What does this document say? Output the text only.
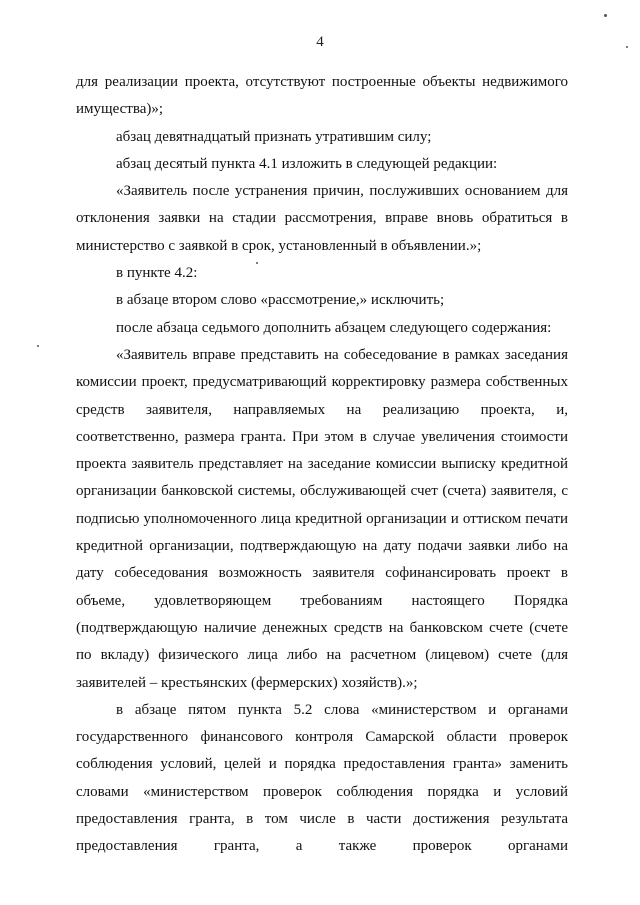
4

для реализации проекта, отсутствуют построенные объекты недвижимого имущества)»;

абзац девятнадцатый признать утратившим силу;

абзац десятый пункта 4.1 изложить в следующей редакции:

«Заявитель после устранения причин, послуживших основанием для отклонения заявки на стадии рассмотрения, вправе вновь обратиться в министерство с заявкой в срок, установленный в объявлении.»;

в пункте 4.2:

в абзаце втором слово «рассмотрение,» исключить;

после абзаца седьмого дополнить абзацем следующего содержания:

«Заявитель вправе представить на собеседование в рамках заседания комиссии проект, предусматривающий корректировку размера собственных средств заявителя, направляемых на реализацию проекта, и, соответственно, размера гранта. При этом в случае увеличения стоимости проекта заявитель представляет на заседание комиссии выписку кредитной организации банковской системы, обслуживающей счет (счета) заявителя, с подписью уполномоченного лица кредитной организации и оттиском печати кредитной организации, подтверждающую на дату подачи заявки либо на дату собеседования возможность заявителя софинансировать проект в объеме, удовлетворяющем требованиям настоящего Порядка (подтверждающую наличие денежных средств на банковском счете (счете по вкладу) физического лица либо на расчетном (лицевом) счете (для заявителей – крестьянских (фермерских) хозяйств).»;

в абзаце пятом пункта 5.2 слова «министерством и органами государственного финансового контроля Самарской области проверок соблюдения условий, целей и порядка предоставления гранта» заменить словами «министерством проверок соблюдения порядка и условий предоставления гранта, в том числе в части достижения результата предоставления гранта, а также проверок органами
